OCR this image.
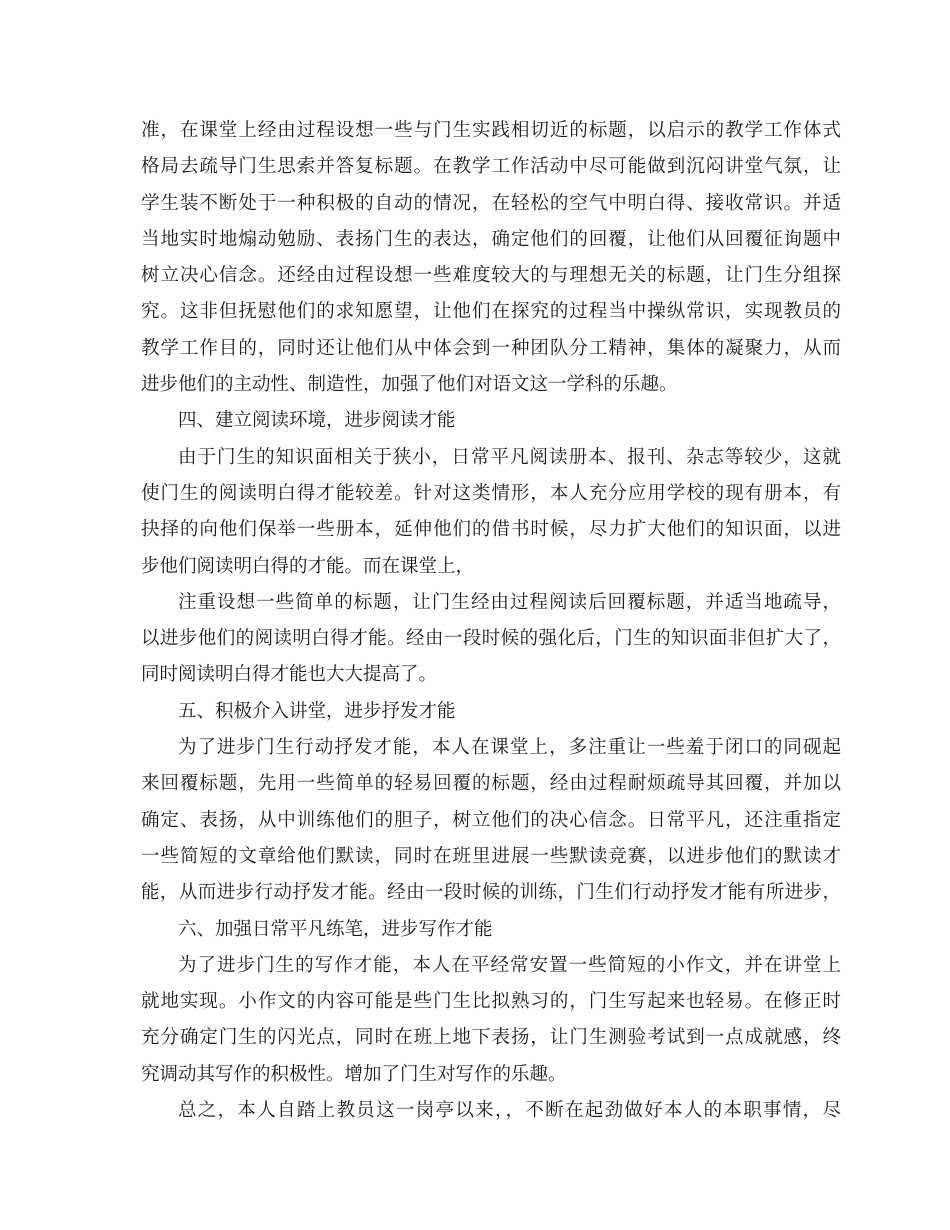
准，在课堂上经由过程设想一些与门生实践相切近的标题，以启示的教学工作体式
格局去疏导门生思索并答复标题。在教学工作活动中尽可能做到沉闷讲堂气氛，让
学生装不断处于一种积极的自动的情况，在轻松的空气中明白得、接收常识。并适
当地实时地煽动勉励、表扬门生的表达，确定他们的回覆，让他们从回覆征询题中
树立决心信念。还经由过程设想一些难度较大的与理想无关的标题，让门生分组探
究。这非但抚慰他们的求知愿望，让他们在探究的过程当中操纵常识，实现教员的
教学工作目的，同时还让他们从中体会到一种团队分工精神，集体的凝聚力，从而
进步他们的主动性、制造性，加强了他们对语文这一学科的乐趣。
四、建立阅读环境，进步阅读才能
由于门生的知识面相关于狭小，日常平凡阅读册本、报刊、杂志等较少，这就
使门生的阅读明白得才能较差。针对这类情形，本人充分应用学校的现有册本，有
抉择的向他们保举一些册本，延伸他们的借书时候，尽力扩大他们的知识面，以进
步他们阅读明白得的才能。而在课堂上，
注重设想一些简单的标题，让门生经由过程阅读后回覆标题，并适当地疏导，
以进步他们的阅读明白得才能。经由一段时候的强化后，门生的知识面非但扩大了，
同时阅读明白得才能也大大提高了。
五、积极介入讲堂，进步抒发才能
为了进步门生行动抒发才能，本人在课堂上，多注重让一些羞于闭口的同砚起
来回覆标题，先用一些简单的轻易回覆的标题，经由过程耐烦疏导其回覆，并加以
确定、表扬，从中训练他们的胆子，树立他们的决心信念。日常平凡，还注重指定
一些简短的文章给他们默读，同时在班里进展一些默读竞赛，以进步他们的默读才
能，从而进步行动抒发才能。经由一段时候的训练，门生们行动抒发才能有所进步，
六、加强日常平凡练笔，进步写作才能
为了进步门生的写作才能，本人在平经常安置一些简短的小作文，并在讲堂上
就地实现。小作文的内容可能是些门生比拟熟习的，门生写起来也轻易。在修正时
充分确定门生的闪光点，同时在班上地下表扬，让门生测验考试到一点成就感，终
究调动其写作的积极性。增加了门生对写作的乐趣。
总之，本人自踏上教员这一岗亭以来，，不断在起劲做好本人的本职事情，尽
